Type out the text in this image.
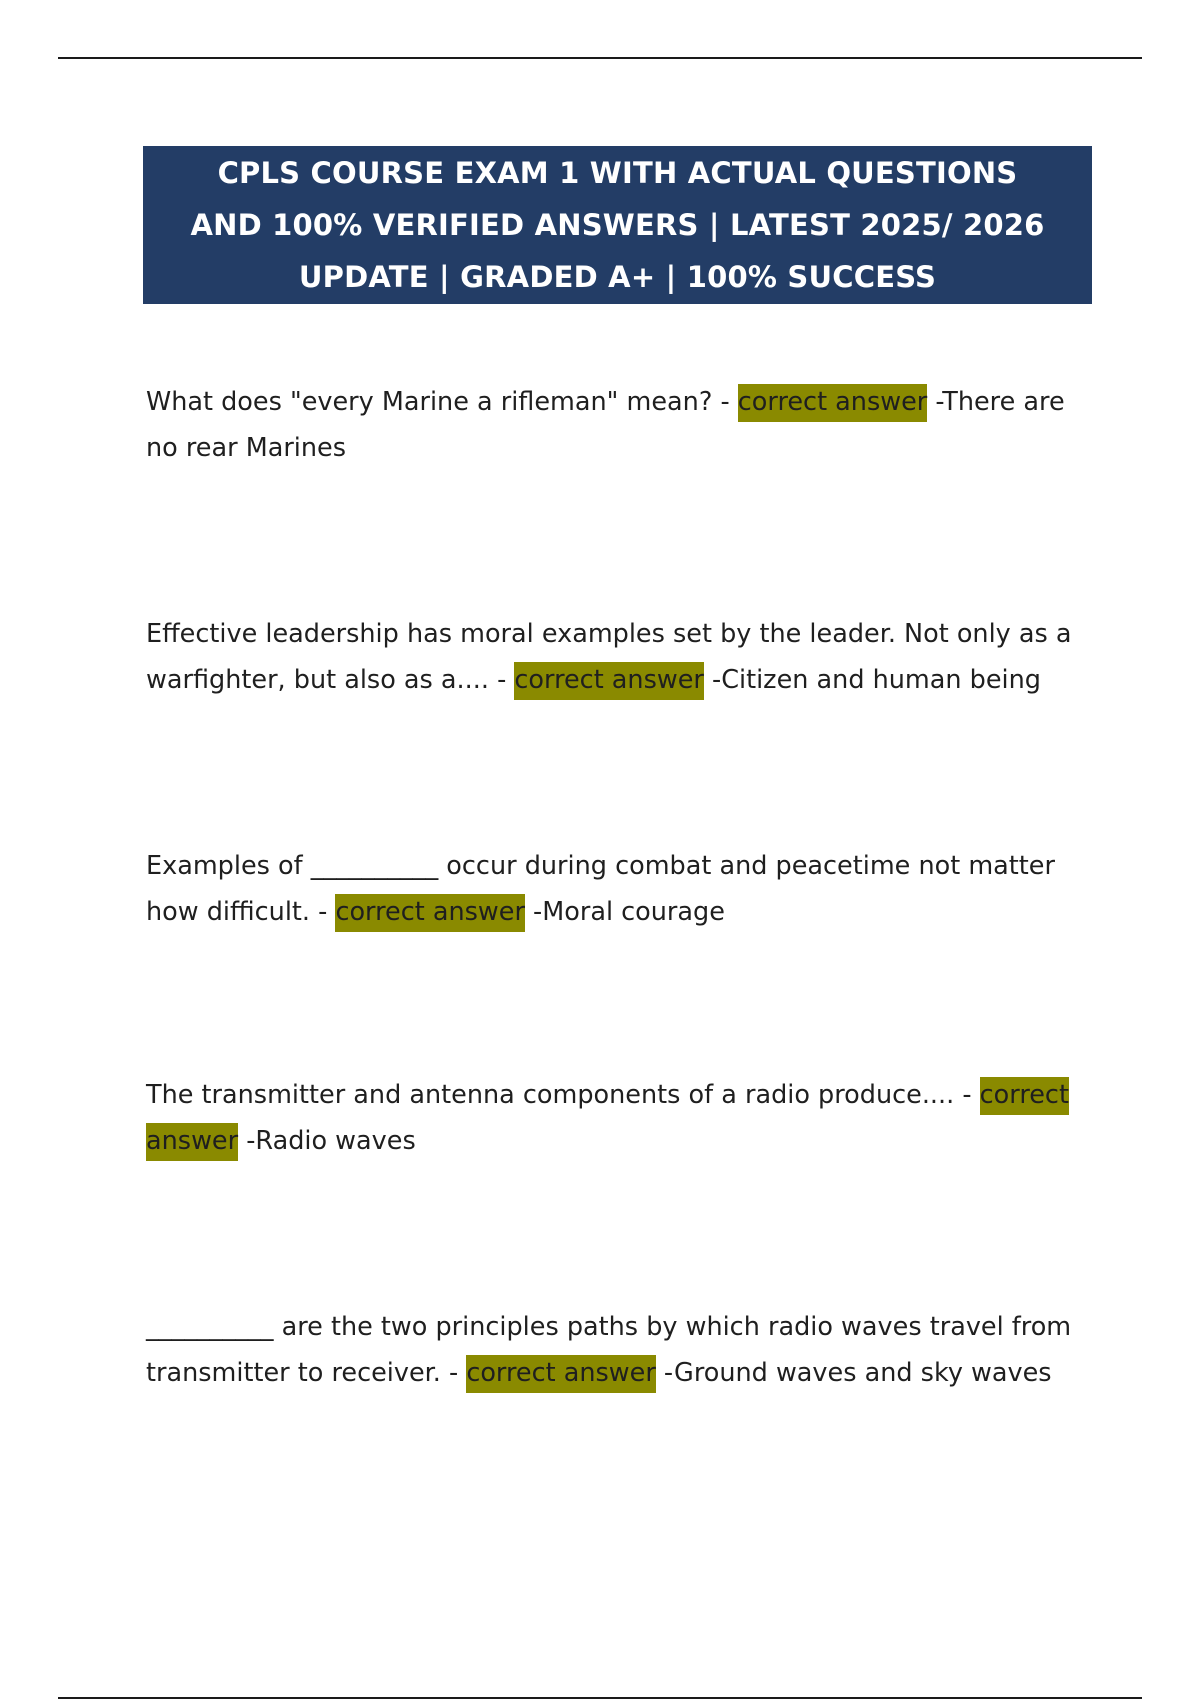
CPLS COURSE EXAM 1 WITH ACTUAL QUESTIONS
AND 100% VERIFIED ANSWERS | LATEST 2025/ 2026
UPDATE | GRADED A+ | 100% SUCCESS

What does "every Marine a rifleman" mean? - correct answer -There are no rear Marines

Effective leadership has moral examples set by the leader. Not only as a warfighter, but also as a.... - correct answer -Citizen and human being

Examples of __________ occur during combat and peacetime not matter how difficult. - correct answer -Moral courage

The transmitter and antenna components of a radio produce.... - correct answer -Radio waves

__________ are the two principles paths by which radio waves travel from transmitter to receiver. - correct answer -Ground waves and sky waves
